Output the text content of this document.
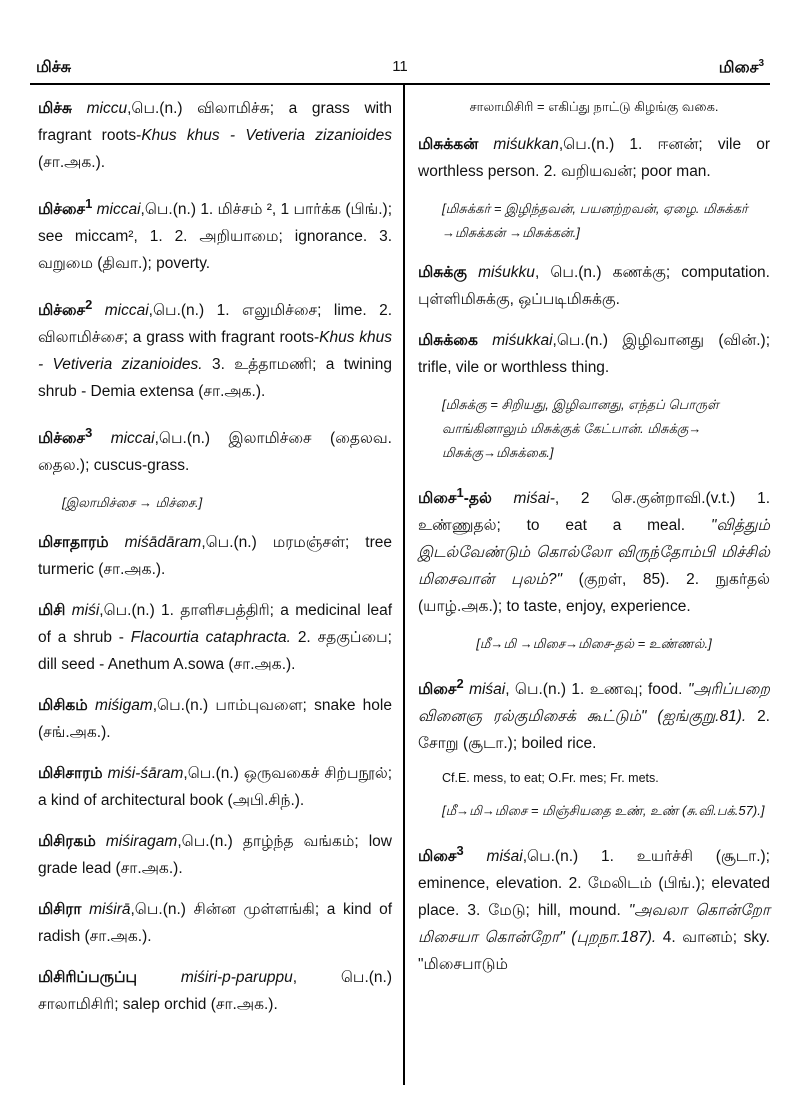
மிச்சு	11	மிசை$^3$
மிச்சு miccu,பெ.(n.) விலாமிச்சு; a grass with fragrant roots-Khus khus - Vetiveria zizanioides (சா.அக.).
மிச்சை$^1$ miccai,பெ.(n.) 1. மிச்சம் ², 1 பார்க்க (பிங்.); see miccam², 1. 2. அறியாமை; ignorance. 3. வறுமை (திவா.); poverty.
மிச்சை$^2$ miccai,பெ.(n.) 1. எலுமிச்சை; lime. 2. விலாமிச்சை; a grass with fragrant roots-Khus khus - Vetiveria zizanioides. 3. உத்தாமணி; a twining shrub - Demia extensa (சா.அக.).
மிச்சை$^3$ miccai,பெ.(n.) இலாமிச்சை (தைலவ. தைல.); cuscus-grass.
[இலாமிச்சை → மிச்சை.]
மிசாதாரம் miśādāram,பெ.(n.) மரமஞ்சள்; tree turmeric (சா.அக.).
மிசி miśi,பெ.(n.) 1. தாளிசபத்திரி; a medicinal leaf of a shrub - Flacourtia cataphracta. 2. சதகுப்பை; dill seed - Anethum A.sowa (சா.அக.).
மிசிகம் miśigam,பெ.(n.) பாம்புவளை; snake hole (சங்.அக.).
மிசிசாரம் miśi-śāram,பெ.(n.) ஒருவகைச் சிற்பநூல்; a kind of architectural book (அபி.சிந்.).
மிசிரகம் miśiragam,பெ.(n.) தாழ்ந்த வங்கம்; low grade lead (சா.அக.).
மிசிரா miśirā,பெ.(n.) சின்ன முள்ளங்கி; a kind of radish (சா.அக.).
மிசிரிப்பருப்பு	miśiri-p-paruppu, பெ.(n.) சாலாமிசிரி; salep orchid (சா.அக.).
சாலாமிசிரி = எகிப்து நாட்டு கிழங்கு வகை.
மிசுக்கன் miśukkan,பெ.(n.) 1. ஈனன்; vile or worthless person. 2. வறியவன்; poor man.
[மிசுக்கர் = இழிந்தவன், பயனற்றவன், ஏழை. மிசுக்கர் →மிசுக்கன் →மிசுக்கன்.]
மிசுக்கு miśukku, பெ.(n.) கணக்கு; computation. புள்ளிமிசுக்கு, ஒப்படிமிசுக்கு.
மிசுக்கை miśukkai,பெ.(n.) இழிவானது (வின்.); trifle, vile or worthless thing.
[மிசுக்கு = சிறியது, இழிவானது, எந்தப் பொருள் வாங்கினாலும் மிசுக்குக் கேட்பான். மிசுக்கு→ மிசுக்கு→மிசுக்கை.]
மிசை$^1$-தல் miśai-, 2 செ.குன்றாவி.(v.t.) 1. உண்ணுதல்; to eat a meal. "வித்தும் இடல்வேண்டும் கொல்லோ விருந்தோம்பி மிச்சில் மிசைவான் புலம்?" (குறள், 85). 2. நுகர்தல் (யாழ்.அக.); to taste, enjoy, experience.
[மீ→மி →மிசை→மிசை-தல் = உண்ணல்.]
மிசை$^2$ miśai, பெ.(n.) 1. உணவு; food. "அரிப்பறை வினைஞ ரல்குமிசைக் கூட்டும்" (ஐங்குறு.81). 2. சோறு (சூடா.); boiled rice.
Cf.E. mess, to eat; O.Fr. mes; Fr. mets.
[மீ→மி→மிசை = மிஞ்சியதை உண், உண் (சு.வி.பக்.57).]
மிசை$^3$ miśai,பெ.(n.) 1. உயர்ச்சி (சூடா.); eminence, elevation. 2. மேலிடம் (பிங்.); elevated place. 3. மேடு; hill, mound. "அவலா கொன்றோ மிசையா கொன்றோ" (புறநா.187). 4. வானம்; sky. "மிசைபாடும்
